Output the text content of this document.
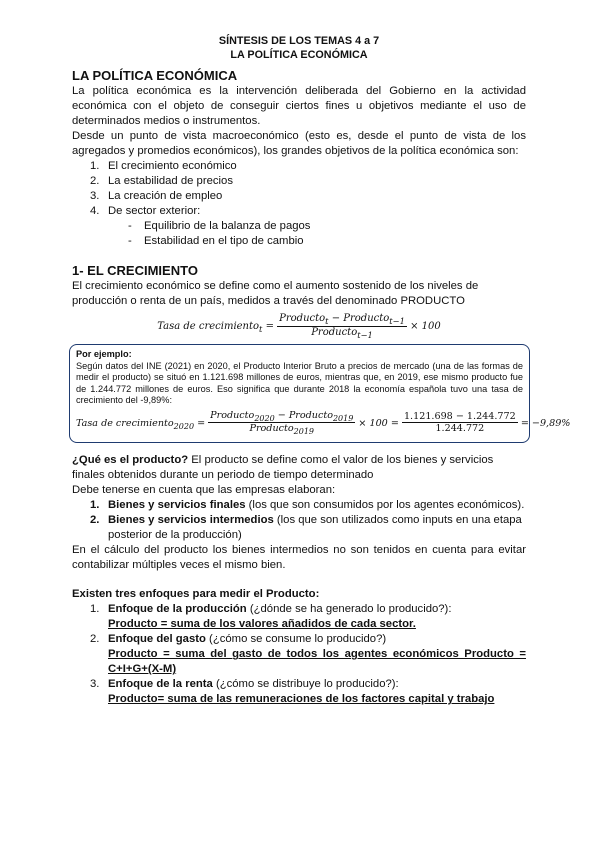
SÍNTESIS DE LOS TEMAS 4 a 7
LA POLÍTICA ECONÓMICA
LA POLÍTICA ECONÓMICA

La política económica es la intervención deliberada del Gobierno en la actividad económica con el objeto de conseguir ciertos fines u objetivos mediante el uso de determinados medios o instrumentos.

Desde un punto de vista macroeconómico (esto es, desde el punto de vista de los agregados y promedios económicos), los grandes objetivos de la política económica son:

1. El crecimiento económico
2. La estabilidad de precios
3. La creación de empleo
4. De sector exterior:
- Equilibrio de la balanza de pagos
- Estabilidad en el tipo de cambio
1- EL CRECIMIENTO

El crecimiento económico se define como el aumento sostenido de los niveles de producción o renta de un país, medidos a través del denominado PRODUCTO

Tasa de crecimiento$_t$ = $\frac{Producto_t - Producto_{t-1}}{Producto_{t-1}} \times 100$

Por ejemplo:

Según datos del INE (2021) en 2020, el Producto Interior Bruto a precios de mercado (una de las formas de medir el producto) se situó en 1.121.698 millones de euros, mientras que, en 2019, ese mismo producto fue de 1.244.772 millones de euros. Eso significa que durante 2018 la economía española tuvo una tasa de crecimiento del -9,89%:

Tasa de crecimiento$_{2020}$ = $\frac{Producto_{2020} - Producto_{2019}}{Producto_{2019}} \times 100 = \frac{1.121.698 - 1.244.772}{1.244.772} = -9,89\%$

¿Qué es el producto? El producto se define como el valor de los bienes y servicios finales obtenidos durante un periodo de tiempo determinado

Debe tenerse en cuenta que las empresas elaboran:

1. Bienes y servicios finales (los que son consumidos por los agentes económicos).
2. Bienes y servicios intermedios (los que son utilizados como inputs en una etapa posterior de la producción)

En el cálculo del producto los bienes intermedios no son tenidos en cuenta para evitar contabilizar múltiples veces el mismo bien.

Existen tres enfoques para medir el Producto:

1. Enfoque de la producción (¿dónde se ha generado lo producido?):
Producto = suma de los valores añadidos de cada sector.
2. Enfoque del gasto (¿cómo se consume lo producido?)
Producto = suma del gasto de todos los agentes económicos Producto = C+I+G+(X-M)
3. Enfoque de la renta (¿cómo se distribuye lo producido?):
Producto= suma de las remuneraciones de los factores capital y trabajo
